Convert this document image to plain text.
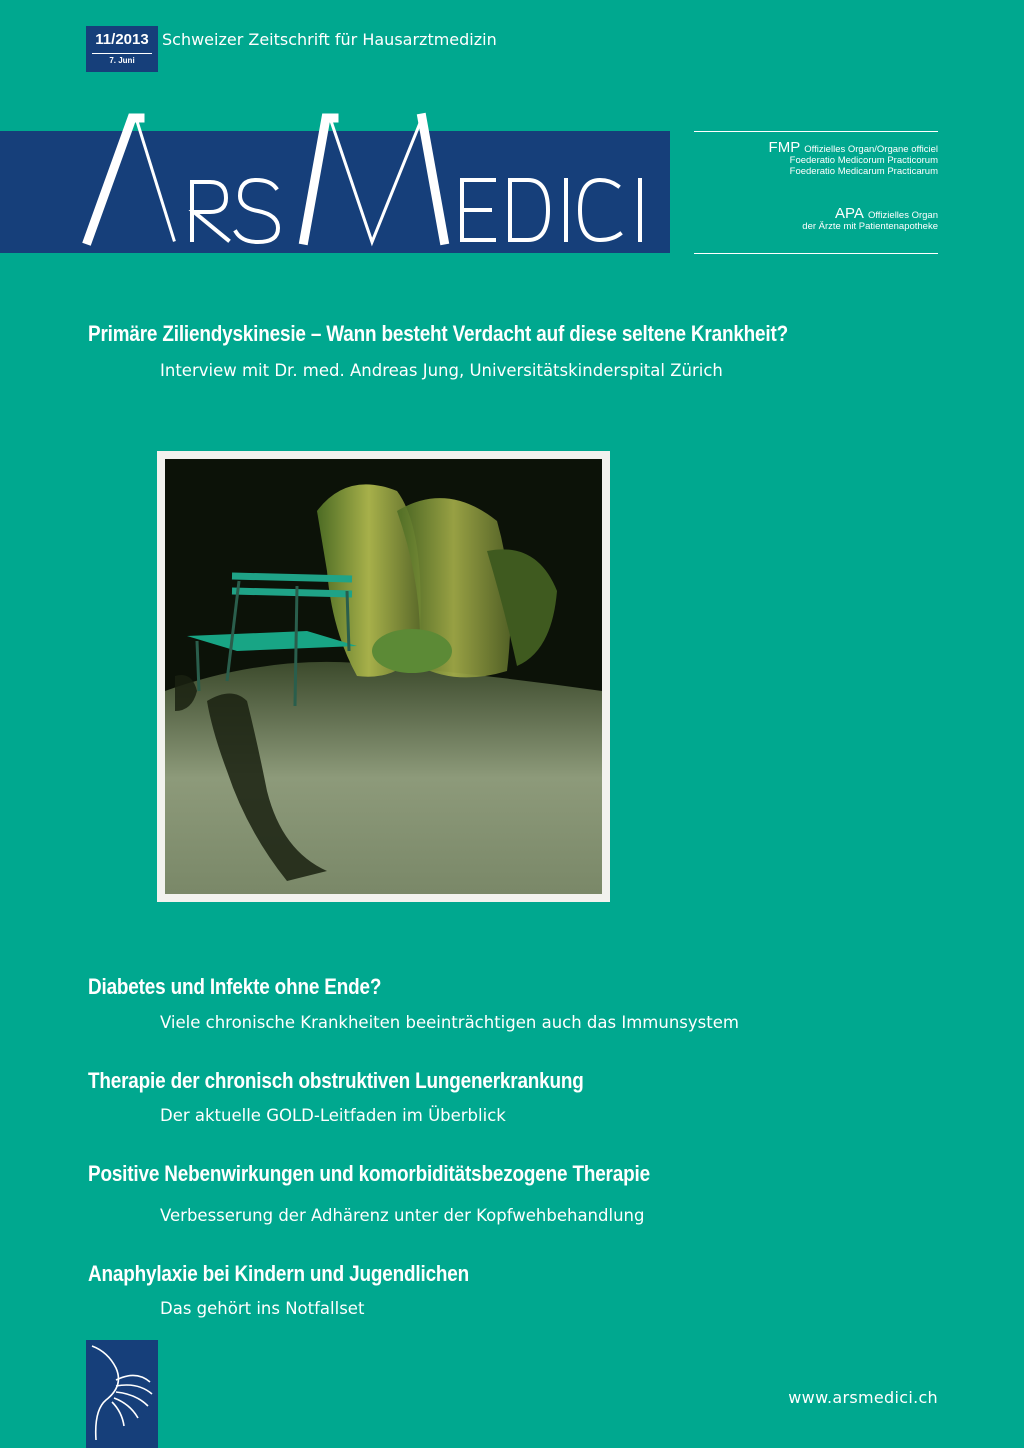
11/2013
7. Juni
Schweizer Zeitschrift für Hausarztmedizin
FMP Offizielles Organ/Organe officiel
Foederatio Medicorum Practicorum
Foederatio Medicarum Practicarum
APA Offizielles Organ
der Ärzte mit Patientenapotheke
Primäre Ziliendyskinesie – Wann besteht Verdacht auf diese seltene Krankheit?
Interview mit Dr. med. Andreas Jung, Universitätskinderspital Zürich
Diabetes und Infekte ohne Ende?
Viele chronische Krankheiten beeinträchtigen auch das Immunsystem
Therapie der chronisch obstruktiven Lungenerkrankung
Der aktuelle GOLD-Leitfaden im Überblick
Positive Nebenwirkungen und komorbiditätsbezogene Therapie
Verbesserung der Adhärenz unter der Kopfwehbehandlung
Anaphylaxie bei Kindern und Jugendlichen
Das gehört ins Notfallset
www.arsmedici.ch
